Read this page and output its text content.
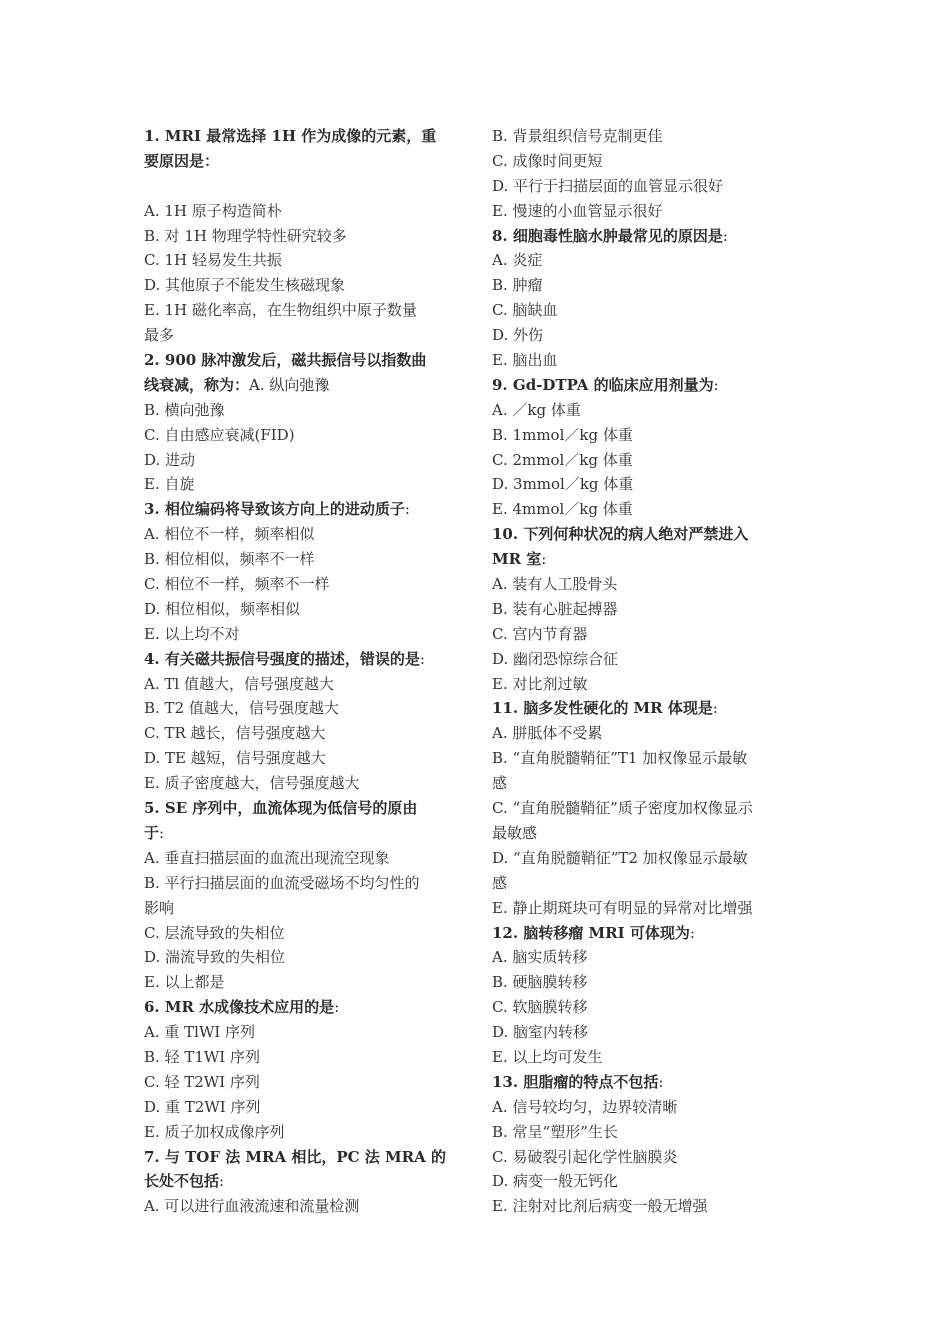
1. MRI 最常选择 1H 作为成像的元素，重
要原因是：
A. 1H 原子构造简朴
B. 对 1H 物理学特性研究较多
C. 1H 轻易发生共振
D. 其他原子不能发生核磁现象
E. 1H 磁化率高，在生物组织中原子数量
最多
2. 900 脉冲激发后，磁共振信号以指数曲
线衰减，称为：A. 纵向弛豫
B. 横向弛豫
C. 自由感应衰减(FID)
D. 进动
E. 自旋
3. 相位编码将导致该方向上的进动质子:
A. 相位不一样，频率相似
B. 相位相似，频率不一样
C. 相位不一样，频率不一样
D. 相位相似，频率相似
E. 以上均不对
4. 有关磁共振信号强度的描述，错误的是:
A. Tl 值越大，信号强度越大
B. T2 值越大，信号强度越大
C. TR 越长，信号强度越大
D. TE 越短，信号强度越大
E. 质子密度越大，信号强度越大
5. SE 序列中，血流体现为低信号的原由
于:
A. 垂直扫描层面的血流出现流空现象
B. 平行扫描层面的血流受磁场不均匀性的
影响
C. 层流导致的失相位
D. 湍流导致的失相位
E. 以上都是
6. MR 水成像技术应用的是:
A. 重 TlWI 序列
B. 轻 T1WI 序列
C. 轻 T2WI 序列
D. 重 T2WI 序列
E. 质子加权成像序列
7. 与 TOF 法 MRA 相比，PC 法 MRA 的
长处不包括:
A. 可以进行血液流速和流量检测
B. 背景组织信号克制更佳
C. 成像时间更短
D. 平行于扫描层面的血管显示很好
E. 慢速的小血管显示很好
8. 细胞毒性脑水肿最常见的原因是:
A. 炎症
B. 肿瘤
C. 脑缺血
D. 外伤
E. 脑出血
9. Gd-DTPA 的临床应用剂量为:
A. ／kg 体重
B. 1mmol／kg 体重
C. 2mmol／kg 体重
D. 3mmol／kg 体重
E. 4mmol／kg 体重
10. 下列何种状况的病人绝对严禁进入
MR 室:
A. 装有人工股骨头
B. 装有心脏起搏器
C. 宫内节育器
D. 幽闭恐惊综合征
E. 对比剂过敏
11. 脑多发性硬化的 MR 体现是:
A. 胼胝体不受累
B. “直角脱髓鞘征”T1 加权像显示最敏
感
C. “直角脱髓鞘征”质子密度加权像显示
最敏感
D. “直角脱髓鞘征”T2 加权像显示最敏
感
E. 静止期斑块可有明显的异常对比增强
12. 脑转移瘤 MRI 可体现为:
A. 脑实质转移
B. 硬脑膜转移
C. 软脑膜转移
D. 脑室内转移
E. 以上均可发生
13. 胆脂瘤的特点不包括:
A. 信号较均匀，边界较清晰
B. 常呈“塑形”生长
C. 易破裂引起化学性脑膜炎
D. 病变一般无钙化
E. 注射对比剂后病变一般无增强
